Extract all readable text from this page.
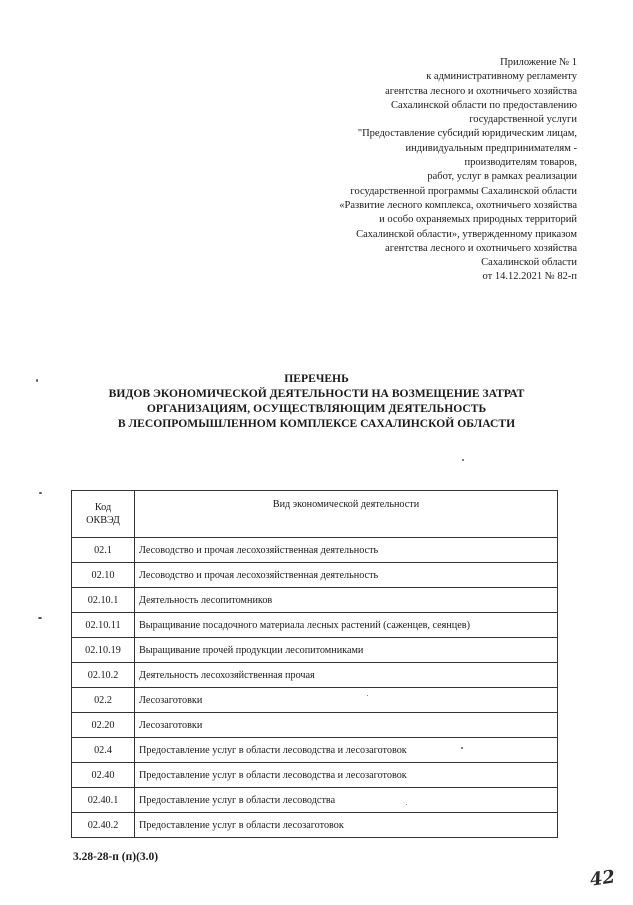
Приложение № 1
к административному регламенту
агентства лесного и охотничьего хозяйства
Сахалинской области по предоставлению
государственной услуги
"Предоставление субсидий юридическим лицам,
индивидуальным предпринимателям -
производителям товаров,
работ, услуг в рамках реализации
государственной программы Сахалинской области
«Развитие лесного комплекса, охотничьего хозяйства
и особо охраняемых природных территорий
Сахалинской области», утвержденному приказом
агентства лесного и охотничьего хозяйства
Сахалинской области
от 14.12.2021 № 82-п
ПЕРЕЧЕНЬ
ВИДОВ ЭКОНОМИЧЕСКОЙ ДЕЯТЕЛЬНОСТИ НА ВОЗМЕЩЕНИЕ ЗАТРАТ
ОРГАНИЗАЦИЯМ, ОСУЩЕСТВЛЯЮЩИМ ДЕЯТЕЛЬНОСТЬ
В ЛЕСОПРОМЫШЛЕННОМ КОМПЛЕКСЕ САХАЛИНСКОЙ ОБЛАСТИ
Код
ОКВЭД	Вид экономической деятельности
02.1	Лесоводство и прочая лесохозяйственная деятельность
02.10	Лесоводство и прочая лесохозяйственная деятельность
02.10.1	Деятельность лесопитомников
02.10.11	Выращивание посадочного материала лесных растений (саженцев, сеянцев)
02.10.19	Выращивание прочей продукции лесопитомниками
02.10.2	Деятельность лесохозяйственная прочая
02.2	Лесозаготовки
02.20	Лесозаготовки
02.4	Предоставление услуг в области лесоводства и лесозаготовок
02.40	Предоставление услуг в области лесоводства и лесозаготовок
02.40.1	Предоставление услуг в области лесоводства
02.40.2	Предоставление услуг в области лесозаготовок
3.28-28-п (п)(3.0)
42
